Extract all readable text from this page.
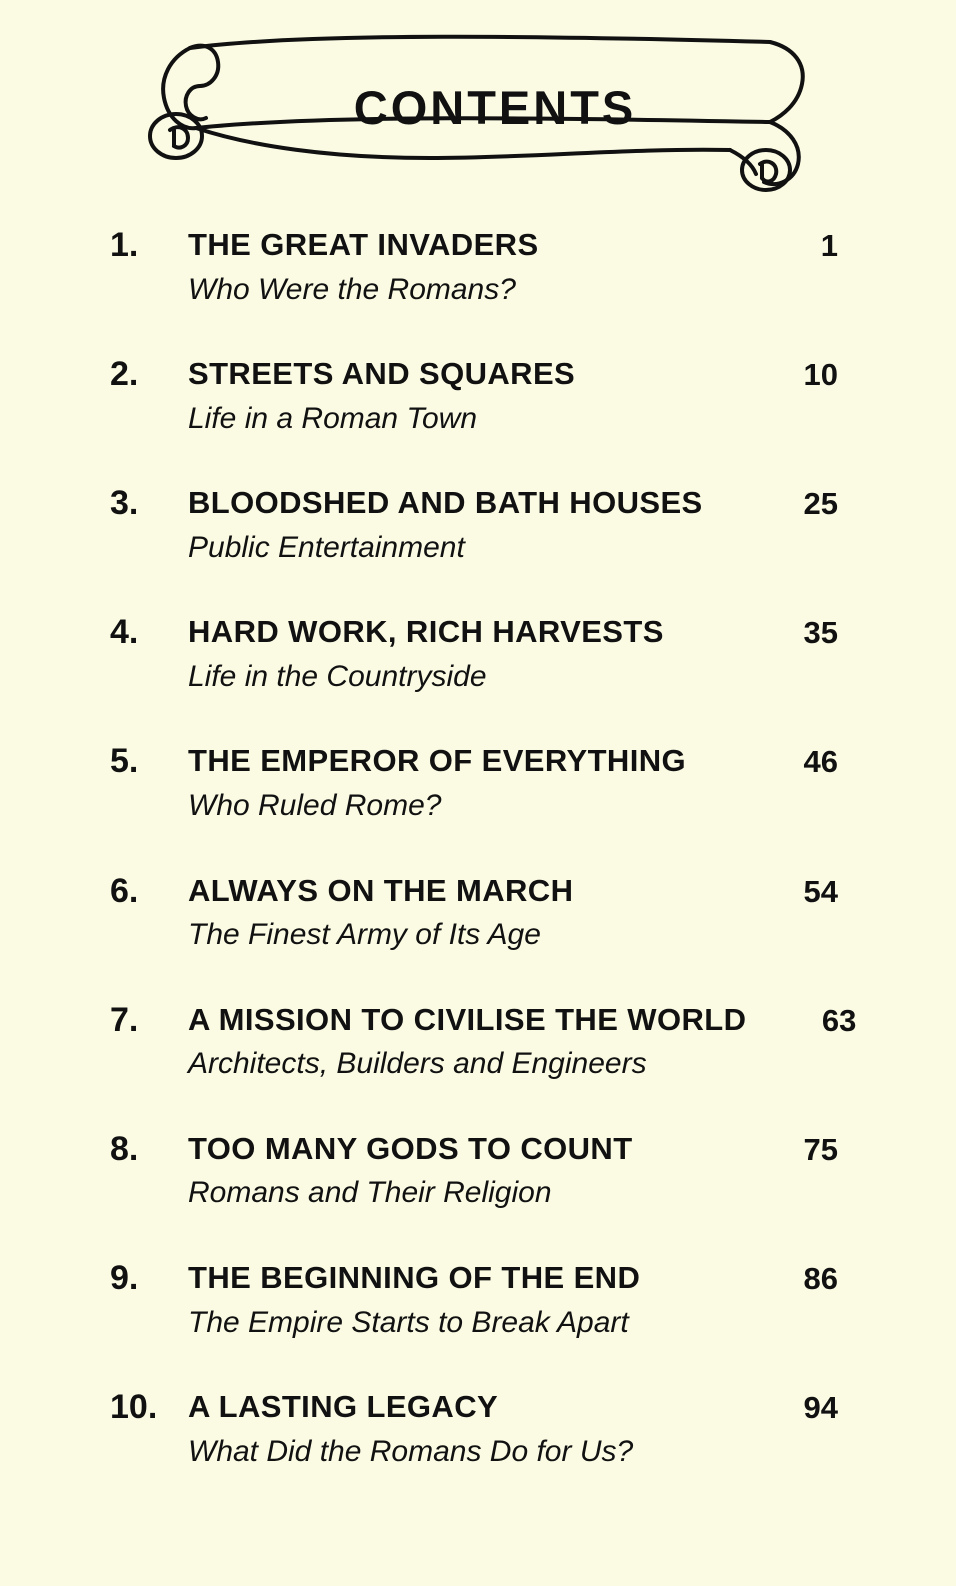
CONTENTS
1.	THE GREAT INVADERS
Who Were the Romans?
1
2.	STREETS AND SQUARES
Life in a Roman Town
10
3.	BLOODSHED AND BATH HOUSES
Public Entertainment
25
4.	HARD WORK, RICH HARVESTS
Life in the Countryside
35
5.	THE EMPEROR OF EVERYTHING
Who Ruled Rome?
46
6.	ALWAYS ON THE MARCH
The Finest Army of Its Age
54
7.	A MISSION TO CIVILISE THE WORLD
Architects, Builders and Engineers
63
8.	TOO MANY GODS TO COUNT
Romans and Their Religion
75
9.	THE BEGINNING OF THE END
The Empire Starts to Break Apart
86
10. A LASTING LEGACY
What Did the Romans Do for Us?
94
